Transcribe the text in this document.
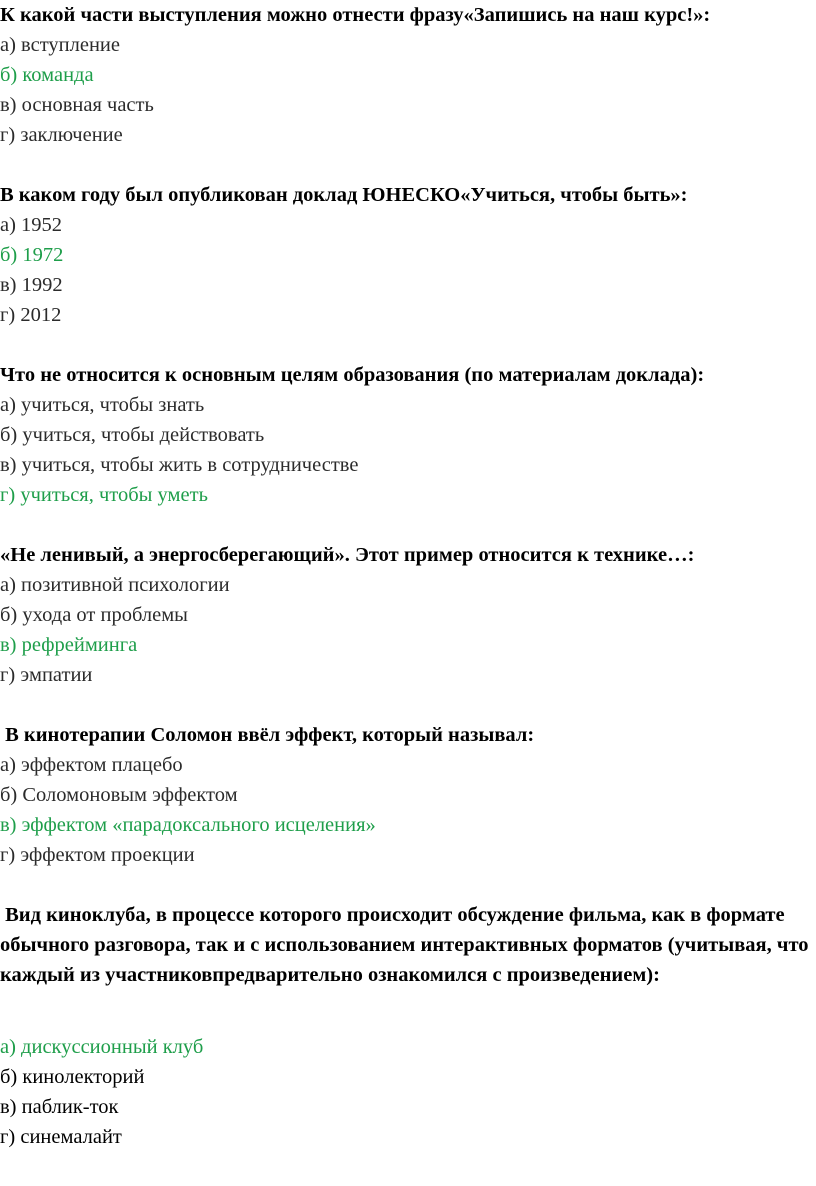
К какой части выступления можно отнести фразу«Запишись на наш курс!»:
а) вступление
б) команда
в) основная часть
г) заключение
В каком году был опубликован доклад ЮНЕСКО«Учиться, чтобы быть»:
а) 1952
б) 1972
в) 1992
г) 2012
Что не относится к основным целям образования (по материалам доклада):
а) учиться, чтобы знать
б) учиться, чтобы действовать
в) учиться, чтобы жить в сотрудничестве
г) учиться, чтобы уметь
«Не ленивый, а энергосберегающий». Этот пример относится к технике…:
а) позитивной психологии
б) ухода от проблемы
в) рефрейминга
г) эмпатии
В кинотерапии Соломон ввёл эффект, который называл:
а) эффектом плацебо
б) Соломоновым эффектом
в) эффектом «парадоксального исцеления»
г) эффектом проекции
Вид киноклуба, в процессе которого происходит обсуждение фильма, как в формате обычного разговора, так и с использованием интерактивных форматов (учитывая, что каждый из участниковпредварительно ознакомился с произведением):
а) дискуссионный клуб
б) кинолекторий
в) паблик-ток
г) синемалайт
